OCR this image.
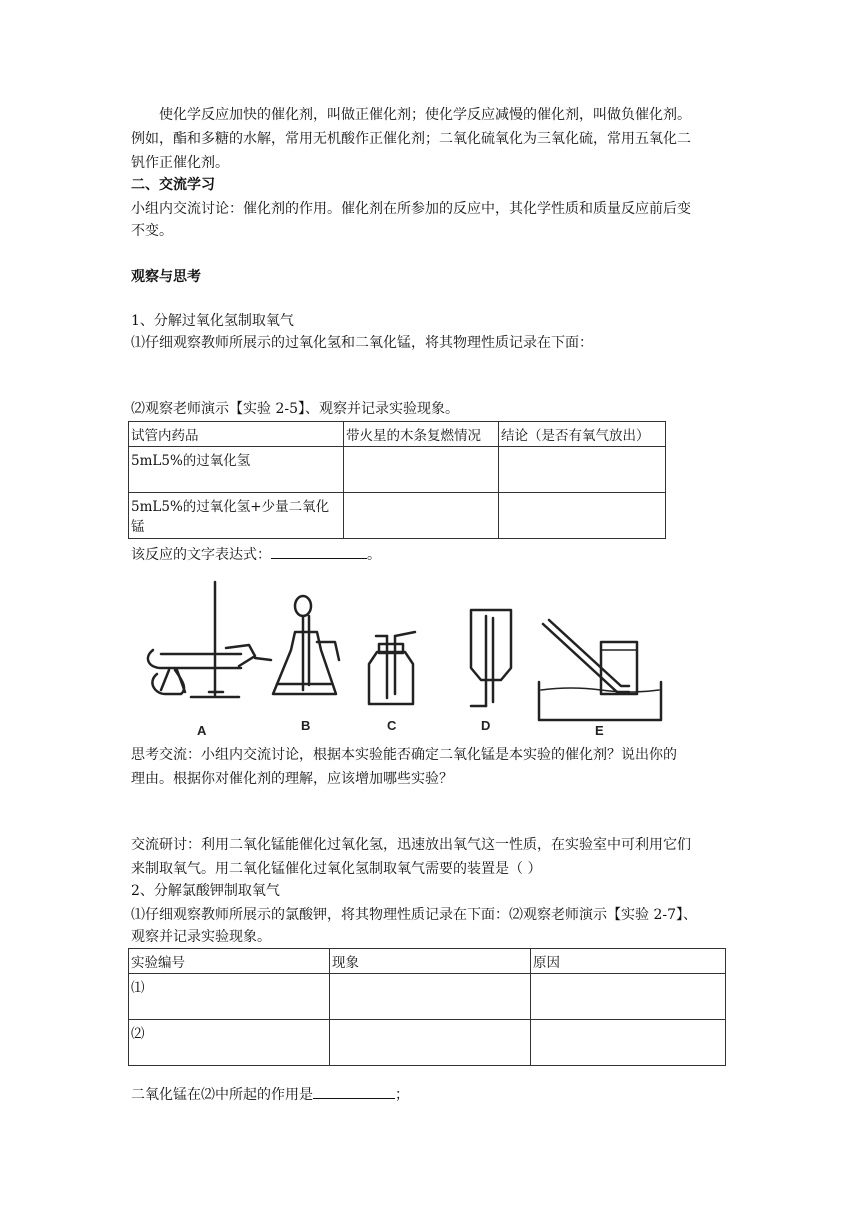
使化学反应加快的催化剂，叫做正催化剂；使化学反应减慢的催化剂，叫做负催化剂。
例如，酯和多糖的水解，常用无机酸作正催化剂；二氧化硫氧化为三氧化硫，常用五氧化二
钒作正催化剂。
二、交流学习
小组内交流讨论：催化剂的作用。催化剂在所参加的反应中，其化学性质和质量反应前后变
不变。
观察与思考
1、分解过氧化氢制取氧气
⑴仔细观察教师所展示的过氧化氢和二氧化锰，将其物理性质记录在下面：
⑵观察老师演示【实验 2-5】、观察并记录实验现象。
试管内药品	带火星的木条复燃情况	结论（是否有氧气放出）
5mL5%的过氧化氢		
5mL5%的过氧化氢+少量二氧化锰		
该反应的文字表达式：	。
A	B	C	D	E
思考交流：小组内交流讨论，根据本实验能否确定二氧化锰是本实验的催化剂？说出你的
理由。根据你对催化剂的理解，应该增加哪些实验？
交流研讨：利用二氧化锰能催化过氧化氢，迅速放出氧气这一性质，在实验室中可利用它们
来制取氧气。用二氧化锰催化过氧化氢制取氧气需要的装置是（ ）
2、分解氯酸钾制取氧气
⑴仔细观察教师所展示的氯酸钾，将其物理性质记录在下面：⑵观察老师演示【实验 2-7】、
观察并记录实验现象。
实验编号	现象	原因
⑴		
⑵		
二氧化锰在⑵中所起的作用是	；
